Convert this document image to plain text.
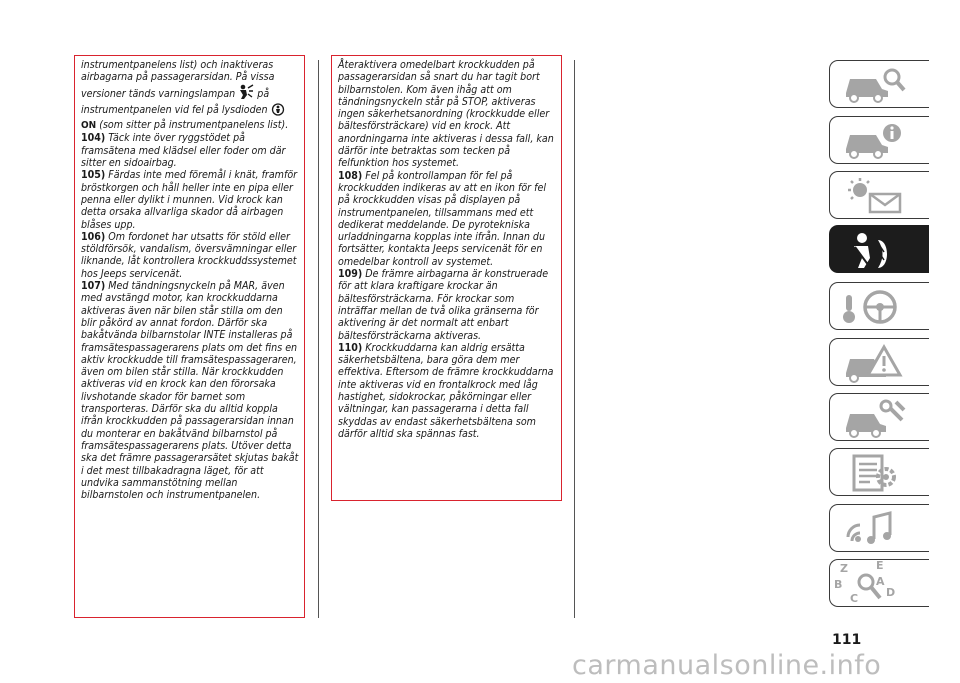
instrumentpanelens list) och inaktiveras airbagarna på passagerarsidan. På vissa versioner tänds varningslampan på instrumentpanelen vid fel på lysdioden  ON (som sitter på instrumentpanelens list).

104) Täck inte över ryggstödet på framsätena med klädsel eller foder om där sitter en sidoairbag.

105) Färdas inte med föremål i knät, framför bröstkorgen och håll heller inte en pipa eller penna eller dylikt i munnen. Vid krock kan detta orsaka allvarliga skador då airbagen blåses upp.

106) Om fordonet har utsatts för stöld eller stöldförsök, vandalism, översvämningar eller liknande, låt kontrollera krockkuddssystemet hos Jeeps servicenät.

107) Med tändningsnyckeln på MAR, även med avstängd motor, kan krockkuddarna aktiveras även när bilen står stilla om den blir påkörd av annat fordon. Därför ska bakåtvända bilbarnstolar INTE installeras på framsätespassagerarens plats om det fins en aktiv krockkudde till framsätespassageraren, även om bilen står stilla. När krockkudden aktiveras vid en krock kan den förorsaka livshotande skador för barnet som transporteras. Därför ska du alltid koppla ifrån krockkudden på passagerarsidan innan du monterar en bakåtvänd bilbarnstol på framsätespassagerarens plats. Utöver detta ska det främre passagerarsätet skjutas bakåt i det mest tillbakadragna läget, för att undvika sammanstötning mellan bilbarnstolen och instrumentpanelen.

Återaktivera omedelbart krockkudden på passagerarsidan så snart du har tagit bort bilbarnstolen. Kom även ihåg att om tändningsnyckeln står på STOP, aktiveras ingen säkerhetsanordning (krockkudde eller bältesförsträckare) vid en krock. Att anordningarna inte aktiveras i dessa fall, kan därför inte betraktas som tecken på felfunktion hos systemet.

108) Fel på kontrollampan för fel på krockkudden indikeras av att en ikon för fel på krockkudden visas på displayen på instrumentpanelen, tillsammans med ett dedikerat meddelande. De pyrotekniska urladdningarna kopplas inte ifrån. Innan du fortsätter, kontakta Jeeps servicenät för en omedelbar kontroll av systemet.

109) De främre airbagarna är konstruerade för att klara kraftigare krockar än bältesförsträckarna. För krockar som inträffar mellan de två olika gränserna för aktivering är det normalt att enbart bältesförsträckarna aktiveras.

110) Krockkuddarna kan aldrig ersätta säkerhetsbältena, bara göra dem mer effektiva. Eftersom de främre krockkuddarna inte aktiveras vid en frontalkrock med låg hastighet, sidokrockar, påkörningar eller vältningar, kan passagerarna i detta fall skyddas av endast säkerhetsbältena som därför alltid ska spännas fast.

Z	E
B	A
C	D
111
carmanualsonline.info
